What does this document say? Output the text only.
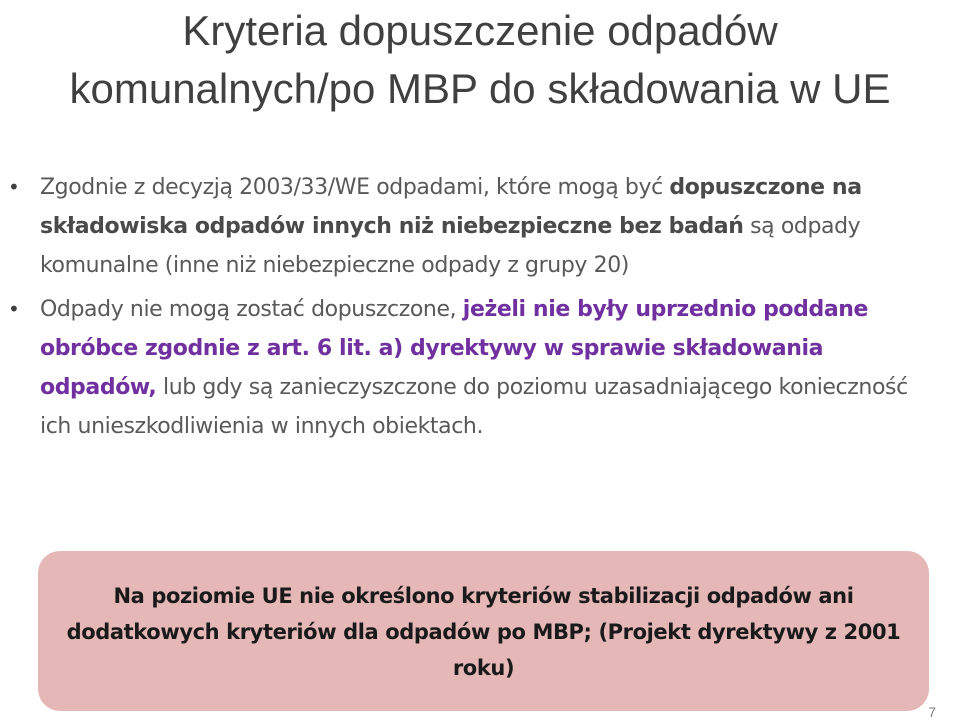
Kryteria dopuszczenie odpadów
komunalnych/po MBP do składowania w UE
• Zgodnie z decyzją 2003/33/WE odpadami, które mogą być dopuszczone na składowiska odpadów innych niż niebezpieczne bez badań są odpady komunalne (inne niż niebezpieczne odpady z grupy 20)
• Odpady nie mogą zostać dopuszczone, jeżeli nie były uprzednio poddane obróbce zgodnie z art. 6 lit. a) dyrektywy w sprawie składowania odpadów, lub gdy są zanieczyszczone do poziomu uzasadniającego konieczność ich unieszkodliwienia w innych obiektach.
Na poziomie UE nie określono kryteriów stabilizacji odpadów ani dodatkowych kryteriów dla odpadów po MBP; (Projekt dyrektywy z 2001 roku)
7
